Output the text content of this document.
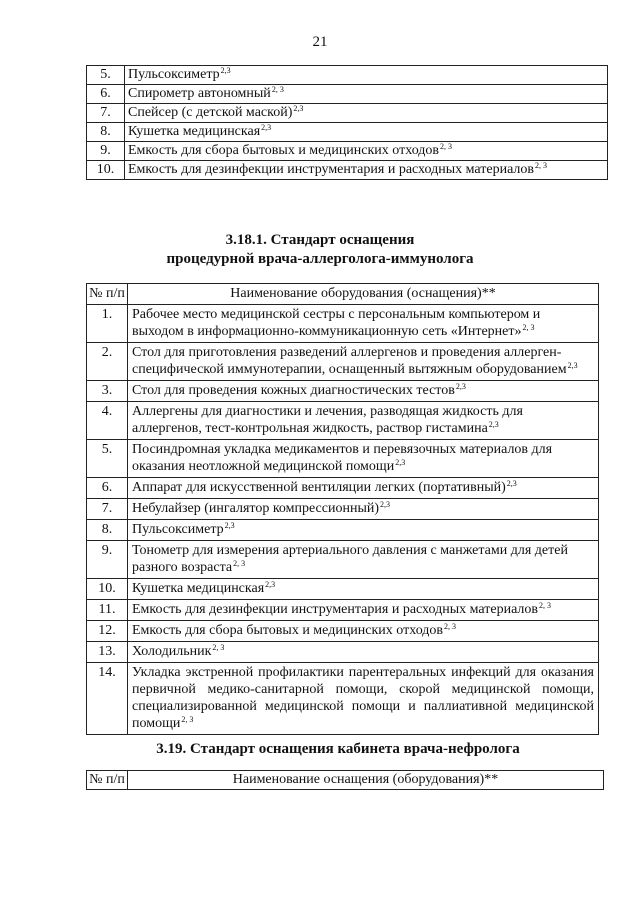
21
5.	Пульсоксиметр$^{2,3}$
6.	Спирометр автономный$^{2, 3}$
7.	Спейсер (с детской маской)$^{2,3}$
8.	Кушетка медицинская$^{2,3}$
9.	Емкость для сбора бытовых и медицинских отходов$^{2, 3}$
10.	Емкость для дезинфекции инструментария и расходных материалов$^{2, 3}$
3.18.1. Стандарт оснащения
процедурной врача-аллерголога-иммунолога
№ п/п	Наименование оборудования (оснащения)**
1.	Рабочее место медицинской сестры с персональным компьютером и выходом в информационно-коммуникационную сеть «Интернет»$^{2, 3}$
2.	Стол для приготовления разведений аллергенов и проведения аллерген-специфической иммунотерапии, оснащенный вытяжным оборудованием$^{2,3}$
3.	Стол для проведения кожных диагностических тестов$^{2,3}$
4.	Аллергены для диагностики и лечения, разводящая жидкость для аллергенов, тест-контрольная жидкость, раствор гистамина$^{2,3}$
5.	Посиндромная укладка медикаментов и перевязочных материалов для оказания неотложной медицинской помощи$^{2,3}$
6.	Аппарат для искусственной вентиляции легких (портативный)$^{2,3}$
7.	Небулайзер (ингалятор компрессионный)$^{2,3}$
8.	Пульсоксиметр$^{2,3}$
9.	Тонометр для измерения артериального давления с манжетами для детей разного возраста$^{2, 3}$
10.	Кушетка медицинская$^{2,3}$
11.	Емкость для дезинфекции инструментария и расходных материалов$^{2, 3}$
12.	Емкость для сбора бытовых и медицинских отходов$^{2, 3}$
13.	Холодильник$^{2, 3}$
14.	Укладка экстренной профилактики парентеральных инфекций для оказания первичной медико-санитарной помощи, скорой медицинской помощи, специализированной медицинской помощи и паллиативной медицинской помощи$^{2, 3}$
3.19. Стандарт оснащения кабинета врача-нефролога
№ п/п	Наименование оснащения (оборудования)**
